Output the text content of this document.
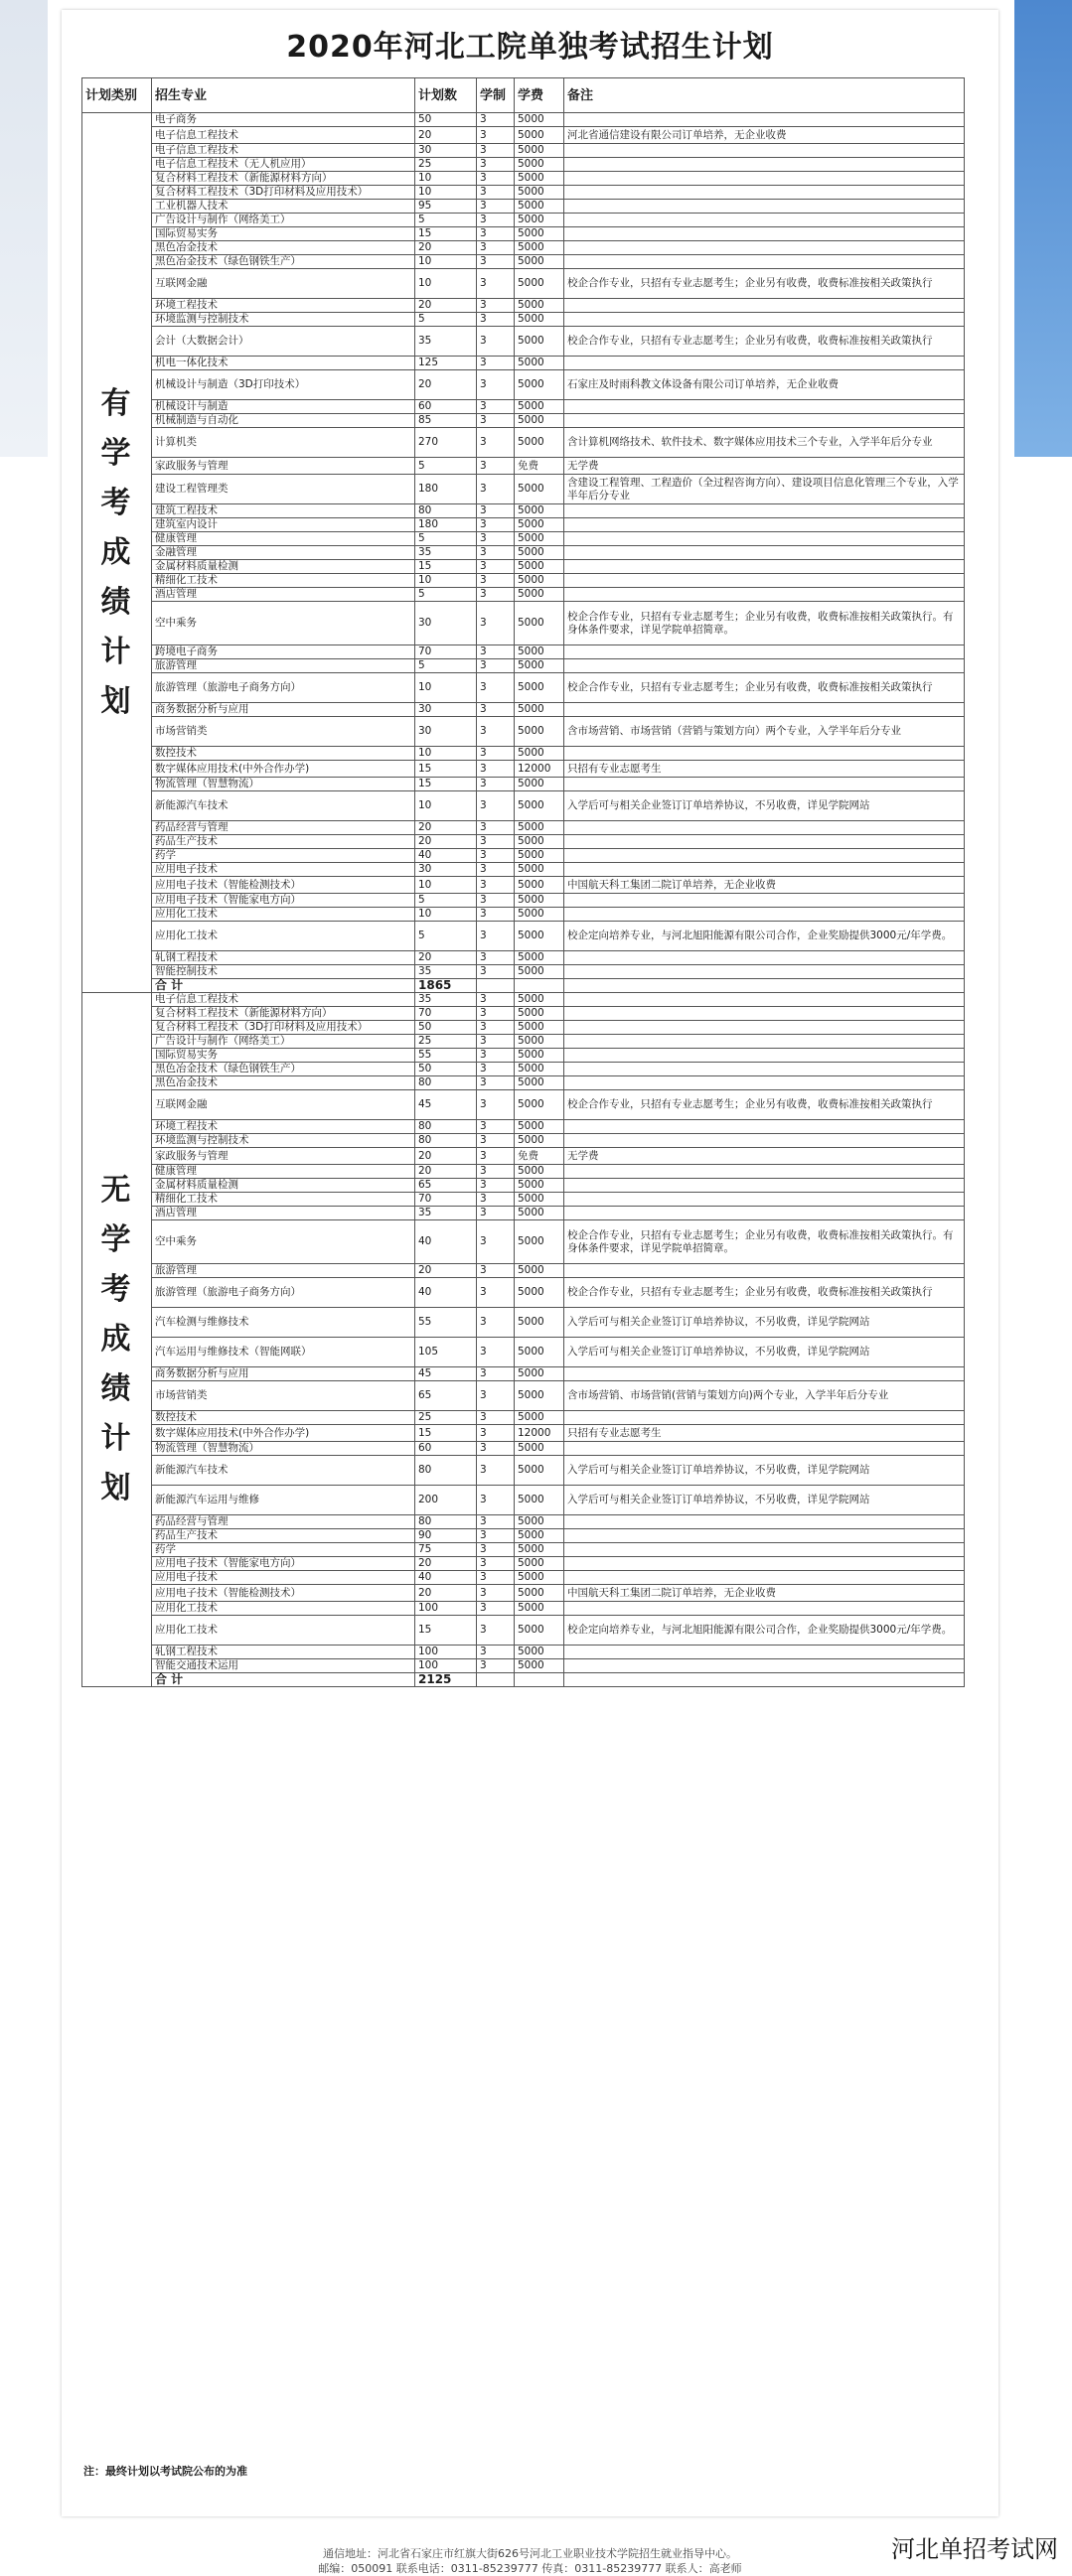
2020年河北工院单独考试招生计划
计划类别	招生专业	计划数	学制	学费	备注

有学
考成
绩计
划	电子商务	50	3	5000	
	电子信息工程技术	20	3	5000	河北省通信建设有限公司订单培养，无企业收费
	电子信息工程技术	30	3	5000	
	电子信息工程技术（无人机应用）	25	3	5000	
	复合材料工程技术（新能源材料方向）	10	3	5000	
	复合材料工程技术（3D打印材料及应用技术）	10	3	5000	
	工业机器人技术	95	3	5000	
	广告设计与制作（网络美工）	5	3	5000	
	国际贸易实务	15	3	5000	
	黑色冶金技术	20	3	5000	
	黑色冶金技术（绿色钢铁生产）	10	3	5000	
	互联网金融	10	3	5000	校企合作专业，只招有专业志愿考生；企业另有收费，收费标准按相关政策执行
	环境工程技术	20	3	5000	
	环境监测与控制技术	5	3	5000	
	会计（大数据会计）	35	3	5000	校企合作专业，只招有专业志愿考生；企业另有收费，收费标准按相关政策执行
	机电一体化技术	125	3	5000	
	机械设计与制造（3D打印技术）	20	3	5000	石家庄及时雨科教文体设备有限公司订单培养，无企业收费
	机械设计与制造	60	3	5000	
	机械制造与自动化	85	3	5000	
	计算机类	270	3	5000	含计算机网络技术、软件技术、数字媒体应用技术三个专业，入学半年后分专业
	家政服务与管理	5	3	免费	无学费
	建设工程管理类	180	3	5000	含建设工程管理、工程造价（全过程咨询方向）、建设项目信息化管理三个专业，入学半年后分专业
	建筑工程技术	80	3	5000	
	建筑室内设计	180	3	5000	
	健康管理	5	3	5000	
	金融管理	35	3	5000	
	金属材料质量检测	15	3	5000	
	精细化工技术	10	3	5000	
	酒店管理	5	3	5000	
	空中乘务	30	3	5000	校企合作专业，只招有专业志愿考生；企业另有收费，收费标准按相关政策执行。有身体条件要求，详见学院单招简章。
	跨境电子商务	70	3	5000	
	旅游管理	5	3	5000	
	旅游管理（旅游电子商务方向）	10	3	5000	校企合作专业，只招有专业志愿考生；企业另有收费，收费标准按相关政策执行
	商务数据分析与应用	30	3	5000	
	市场营销类	30	3	5000	含市场营销、市场营销（营销与策划方向）两个专业，入学半年后分专业
	数控技术	10	3	5000	
	数字媒体应用技术(中外合作办学)	15	3	12000	只招有专业志愿考生
	物流管理（智慧物流）	15	3	5000	
	新能源汽车技术	10	3	5000	入学后可与相关企业签订订单培养协议，不另收费，详见学院网站
	药品经营与管理	20	3	5000	
	药品生产技术	20	3	5000	
	药学	40	3	5000	
	应用电子技术	30	3	5000	
	应用电子技术（智能检测技术）	10	3	5000	中国航天科工集团二院订单培养，无企业收费
	应用电子技术（智能家电方向）	5	3	5000	
	应用化工技术	10	3	5000	
	应用化工技术	5	3	5000	校企定向培养专业，与河北旭阳能源有限公司合作，企业奖励提供3000元/年学费。
	轧钢工程技术	20	3	5000	
	智能控制技术	35	3	5000	
	合 计	1865			

无学
考成
绩计
划	电子信息工程技术	35	3	5000	
	复合材料工程技术（新能源材料方向）	70	3	5000	
	复合材料工程技术（3D打印材料及应用技术）	50	3	5000	
	广告设计与制作（网络美工）	25	3	5000	
	国际贸易实务	55	3	5000	
	黑色冶金技术（绿色钢铁生产）	50	3	5000	
	黑色冶金技术	80	3	5000	
	互联网金融	45	3	5000	校企合作专业，只招有专业志愿考生；企业另有收费，收费标准按相关政策执行
	环境工程技术	80	3	5000	
	环境监测与控制技术	80	3	5000	
	家政服务与管理	20	3	免费	无学费
	健康管理	20	3	5000	
	金属材料质量检测	65	3	5000	
	精细化工技术	70	3	5000	
	酒店管理	35	3	5000	
	空中乘务	40	3	5000	校企合作专业，只招有专业志愿考生；企业另有收费，收费标准按相关政策执行。有身体条件要求，详见学院单招简章。
	旅游管理	20	3	5000	
	旅游管理（旅游电子商务方向）	40	3	5000	校企合作专业，只招有专业志愿考生；企业另有收费，收费标准按相关政策执行
	汽车检测与维修技术	55	3	5000	入学后可与相关企业签订订单培养协议，不另收费，详见学院网站
	汽车运用与维修技术（智能网联）	105	3	5000	入学后可与相关企业签订订单培养协议，不另收费，详见学院网站
	商务数据分析与应用	45	3	5000	
	市场营销类	65	3	5000	含市场营销、市场营销(营销与策划方向)两个专业，入学半年后分专业
	数控技术	25	3	5000	
	数字媒体应用技术(中外合作办学)	15	3	12000	只招有专业志愿考生
	物流管理（智慧物流）	60	3	5000	
	新能源汽车技术	80	3	5000	入学后可与相关企业签订订单培养协议，不另收费，详见学院网站
	新能源汽车运用与维修	200	3	5000	入学后可与相关企业签订订单培养协议，不另收费，详见学院网站
	药品经营与管理	80	3	5000	
	药品生产技术	90	3	5000	
	药学	75	3	5000	
	应用电子技术（智能家电方向）	20	3	5000	
	应用电子技术	40	3	5000	
	应用电子技术（智能检测技术）	20	3	5000	中国航天科工集团二院订单培养，无企业收费
	应用化工技术	100	3	5000	
	应用化工技术	15	3	5000	校企定向培养专业，与河北旭阳能源有限公司合作，企业奖励提供3000元/年学费。
	轧钢工程技术	100	3	5000	
	智能交通技术运用	100	3	5000	
	合 计	2125			
注：最终计划以考试院公布的为准
通信地址：河北省石家庄市红旗大街626号河北工业职业技术学院招生就业指导中心。
邮编：050091 联系电话：0311-85239777 传真：0311-85239777 联系人：高老师
河北单招考试网
